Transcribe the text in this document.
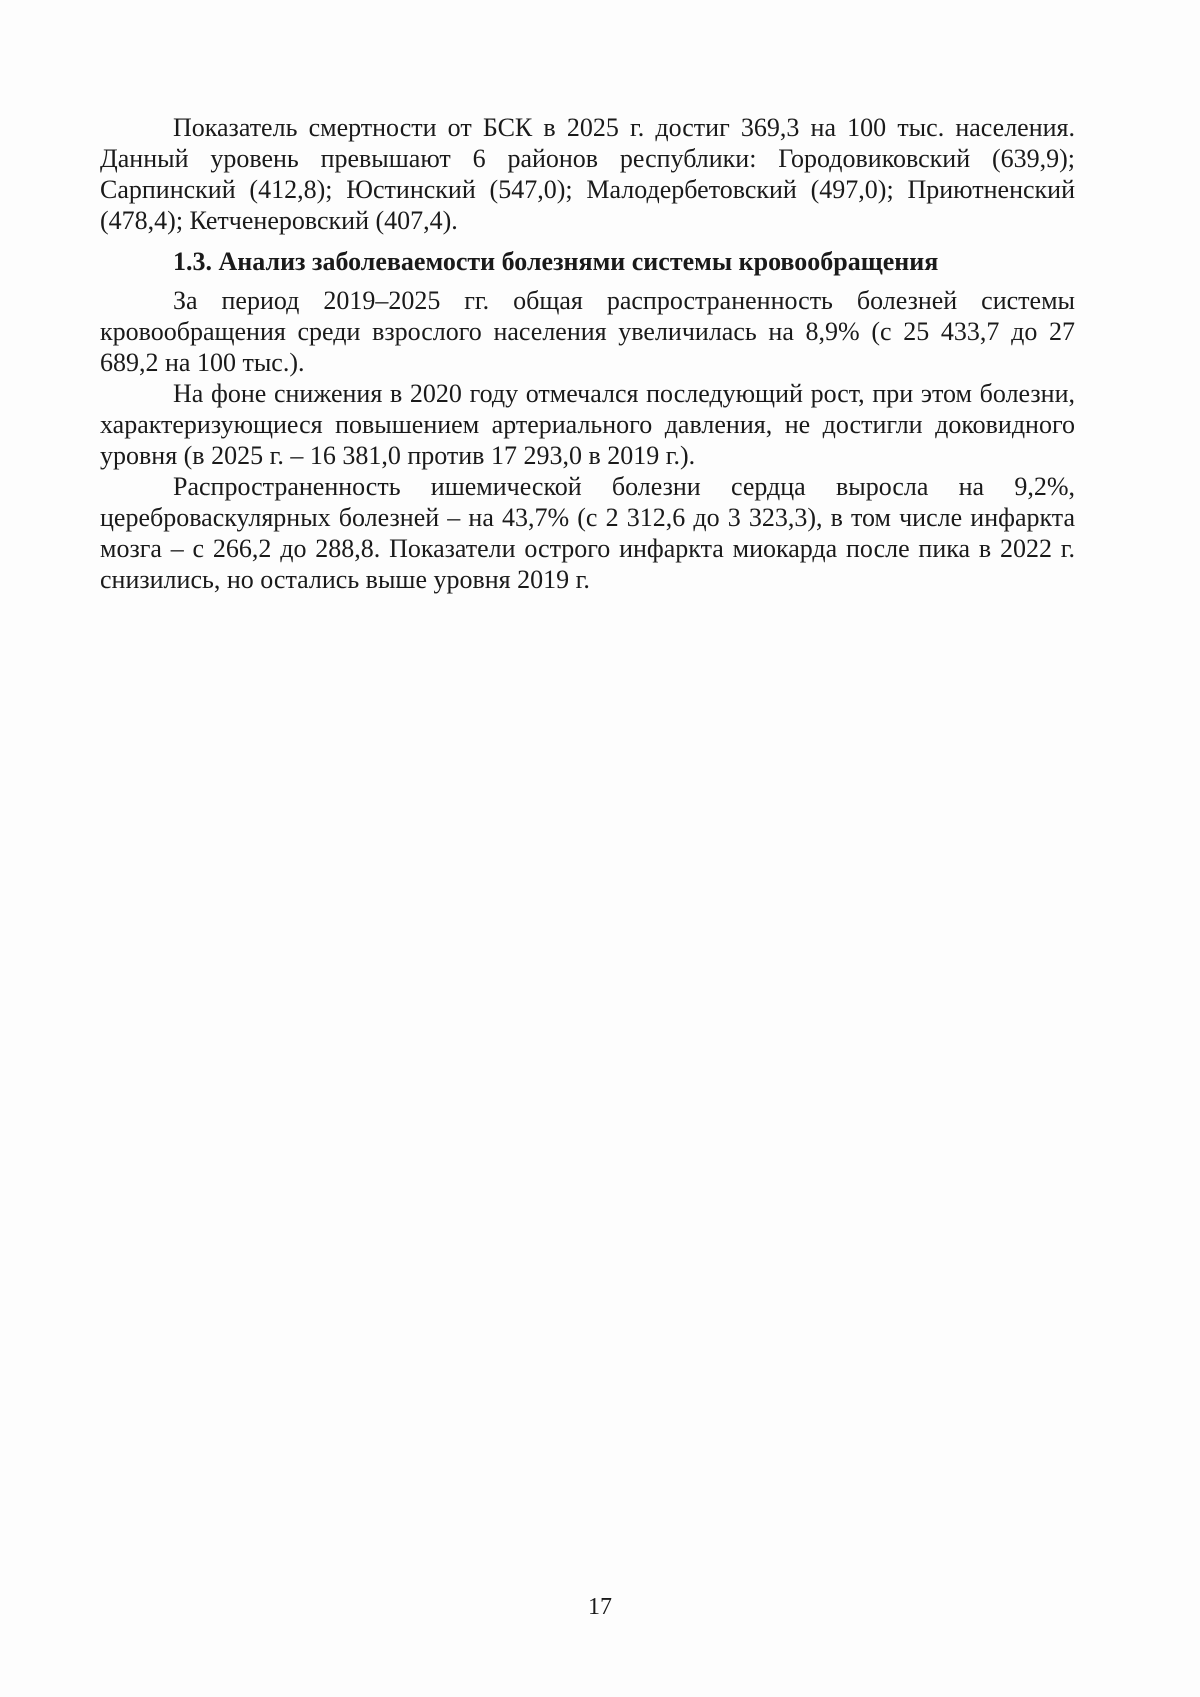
Показатель смертности от БСК в 2025 г. достиг 369,3 на 100 тыс. населения. Данный уровень превышают 6 районов республики: Городовиковский (639,9); Сарпинский (412,8); Юстинский (547,0); Малодербетовский (497,0); Приютненский (478,4); Кетченеровский (407,4).

1.3. Анализ заболеваемости болезнями системы кровообращения

За период 2019–2025 гг. общая распространенность болезней системы кровообращения среди взрослого населения увеличилась на 8,9% (с 25 433,7 до 27 689,2 на 100 тыс.).

На фоне снижения в 2020 году отмечался последующий рост, при этом болезни, характеризующиеся повышением артериального давления, не достигли доковидного уровня (в 2025 г. – 16 381,0 против 17 293,0 в 2019 г.).

Распространенность ишемической болезни сердца выросла на 9,2%, цереброваскулярных болезней – на 43,7% (с 2 312,6 до 3 323,3), в том числе инфаркта мозга – с 266,2 до 288,8. Показатели острого инфаркта миокарда после пика в 2022 г. снизились, но остались выше уровня 2019 г.

17
